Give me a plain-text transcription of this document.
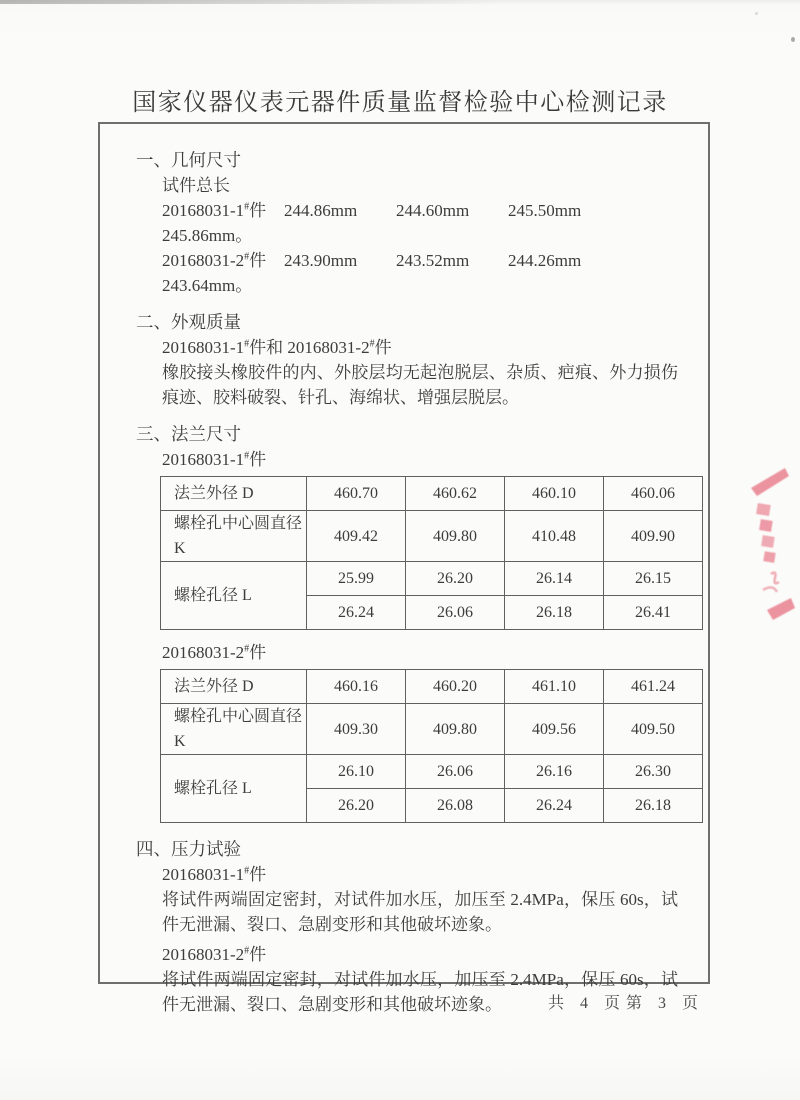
国家仪器仪表元器件质量监督检验中心检测记录
一、几何尺寸
试件总长
20168031-1#件 244.86mm 244.60mm 245.50mm245.86mm。
20168031-2#件 243.90mm 243.52mm 244.26mm243.64mm。
二、外观质量
20168031-1#件和 20168031-2#件
橡胶接头橡胶件的内、外胶层均无起泡脱层、杂质、疤痕、外力损伤痕迹、胶料破裂、针孔、海绵状、增强层脱层。
三、法兰尺寸
20168031-1#件
法兰外径 D	460.70	460.62	460.10	460.06
螺栓孔中心圆直径 K	409.42	409.80	410.48	409.90
螺栓孔径 L	25.99	26.20	26.14	26.15
	26.24	26.06	26.18	26.41
20168031-2#件
法兰外径 D	460.16	460.20	461.10	461.24
螺栓孔中心圆直径 K	409.30	409.80	409.56	409.50
螺栓孔径 L	26.10	26.06	26.16	26.30
	26.20	26.08	26.24	26.18
四、压力试验
20168031-1#件
将试件两端固定密封，对试件加水压，加压至 2.4MPa，保压 60s，试件无泄漏、裂口、急剧变形和其他破坏迹象。
20168031-2#件
将试件两端固定密封，对试件加水压，加压至 2.4MPa，保压 60s，试件无泄漏、裂口、急剧变形和其他破坏迹象。	共 4 页第 3 页
